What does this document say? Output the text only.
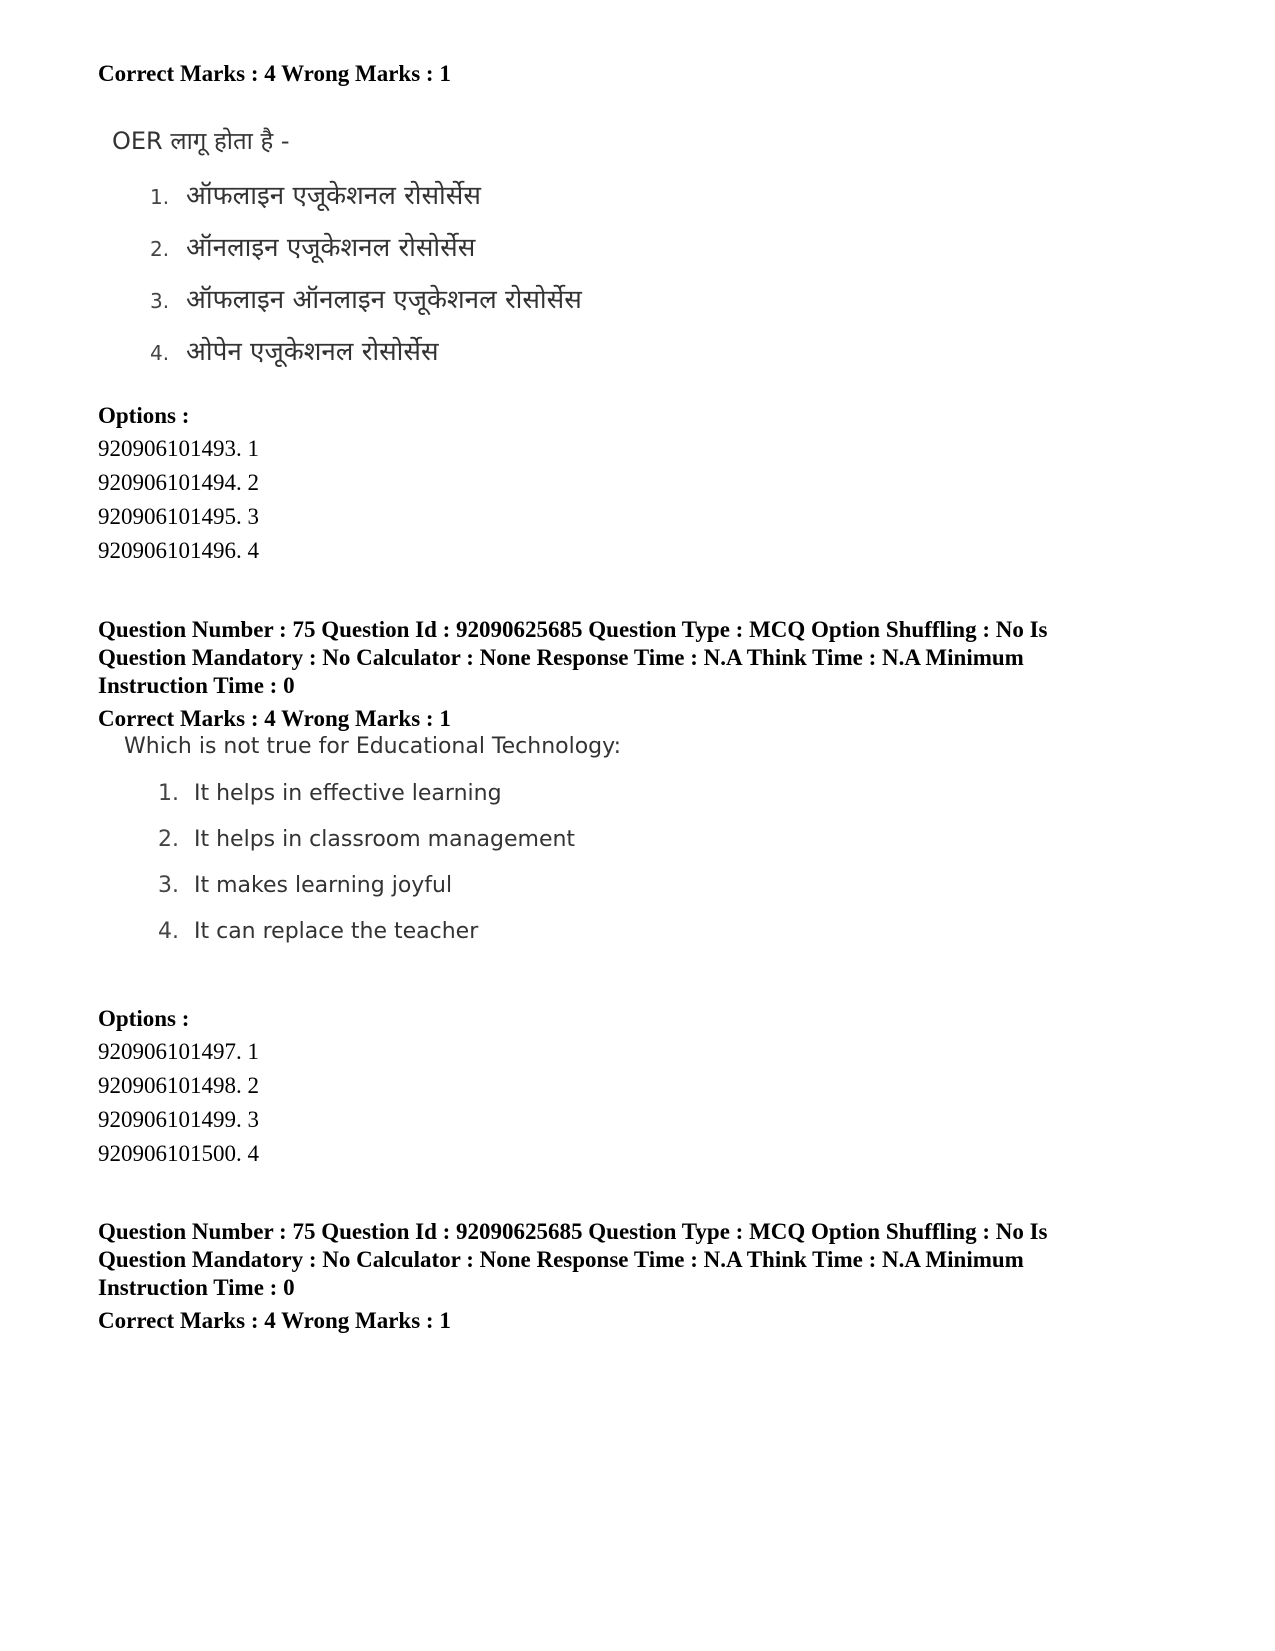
Correct Marks : 4 Wrong Marks : 1
OER लागू होता है -
1. ऑफलाइन एजूकेशनल रोसोर्सेस
2. ऑनलाइन एजूकेशनल रोसोर्सेस
3. ऑफलाइन ऑनलाइन एजूकेशनल रोसोर्सेस
4. ओपेन एजूकेशनल रोसोर्सेस
Options :
920906101493. 1
920906101494. 2
920906101495. 3
920906101496. 4
Question Number : 75 Question Id : 92090625685 Question Type : MCQ Option Shuffling : No Is
Question Mandatory : No Calculator : None Response Time : N.A Think Time : N.A Minimum
Instruction Time : 0
Correct Marks : 4 Wrong Marks : 1
Which is not true for Educational Technology:
1. It helps in effective learning
2. It helps in classroom management
3. It makes learning joyful
4. It can replace the teacher
Options :
920906101497. 1
920906101498. 2
920906101499. 3
920906101500. 4
Question Number : 75 Question Id : 92090625685 Question Type : MCQ Option Shuffling : No Is
Question Mandatory : No Calculator : None Response Time : N.A Think Time : N.A Minimum
Instruction Time : 0
Correct Marks : 4 Wrong Marks : 1
